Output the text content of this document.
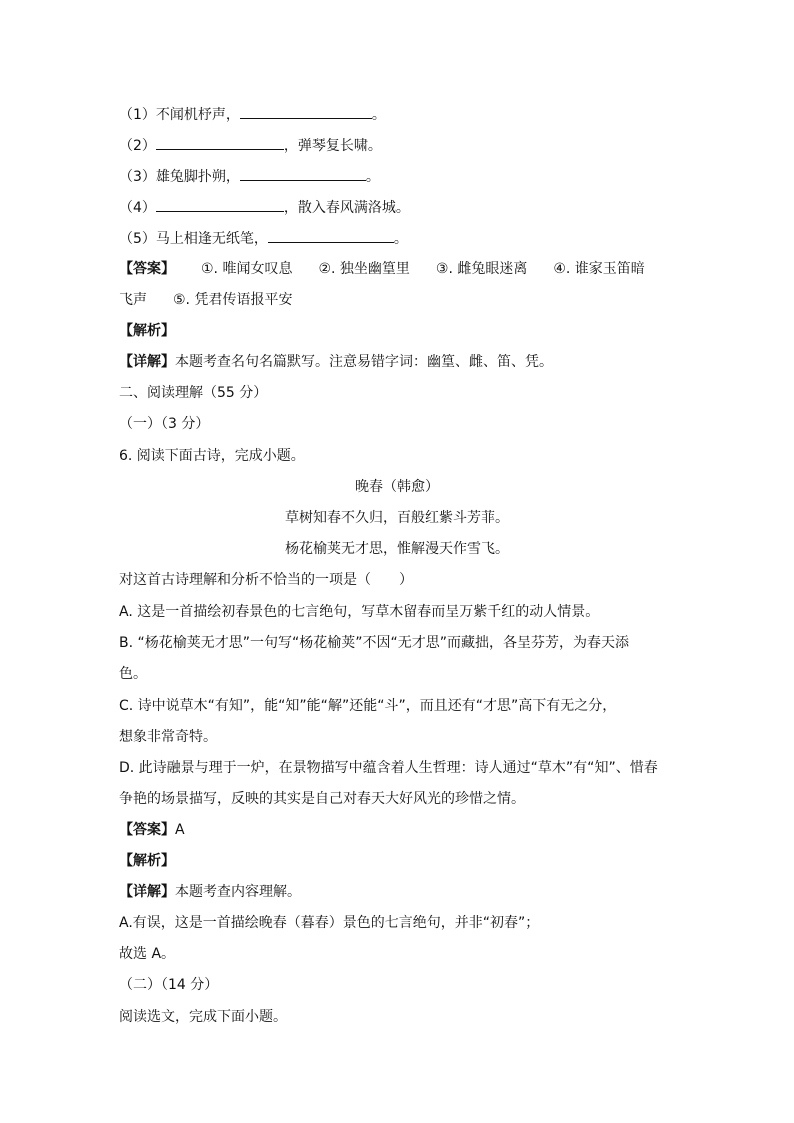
（1）不闻机杼声，	。
（2）	，弹琴复长啸。
（3）雄兔脚扑朔，	。
（4）	，散入春风满洛城。
（5）马上相逢无纸笔，	。
【答案】 ①. 唯闻女叹息 ②. 独坐幽篁里 ③. 雌兔眼迷离 ④. 谁家玉笛暗
飞声 ⑤. 凭君传语报平安
【解析】
【详解】本题考查名句名篇默写。注意易错字词：幽篁、雌、笛、凭。
二、阅读理解（55 分）
（一）（3 分）
6. 阅读下面古诗，完成小题。
晚春（韩愈）
草树知春不久归，百般红紫斗芳菲。
杨花榆荚无才思，惟解漫天作雪飞。
对这首古诗理解和分析不恰当的一项是（　　）
A. 这是一首描绘初春景色的七言绝句，写草木留春而呈万紫千红的动人情景。
B. “杨花榆荚无才思”一句写“杨花榆荚”不因“无才思”而藏拙，各呈芬芳，为春天添
色。
C. 诗中说草木“有知”，能“知”能“解”还能“斗”，而且还有“才思”高下有无之分，
想象非常奇特。
D. 此诗融景与理于一炉，在景物描写中蕴含着人生哲理：诗人通过“草木”有“知”、惜春
争艳的场景描写，反映的其实是自己对春天大好风光的珍惜之情。
【答案】A
【解析】
【详解】本题考查内容理解。
A.有误，这是一首描绘晚春（暮春）景色的七言绝句，并非“初春”；
故选 A。
（二）（14 分）
阅读选文，完成下面小题。
